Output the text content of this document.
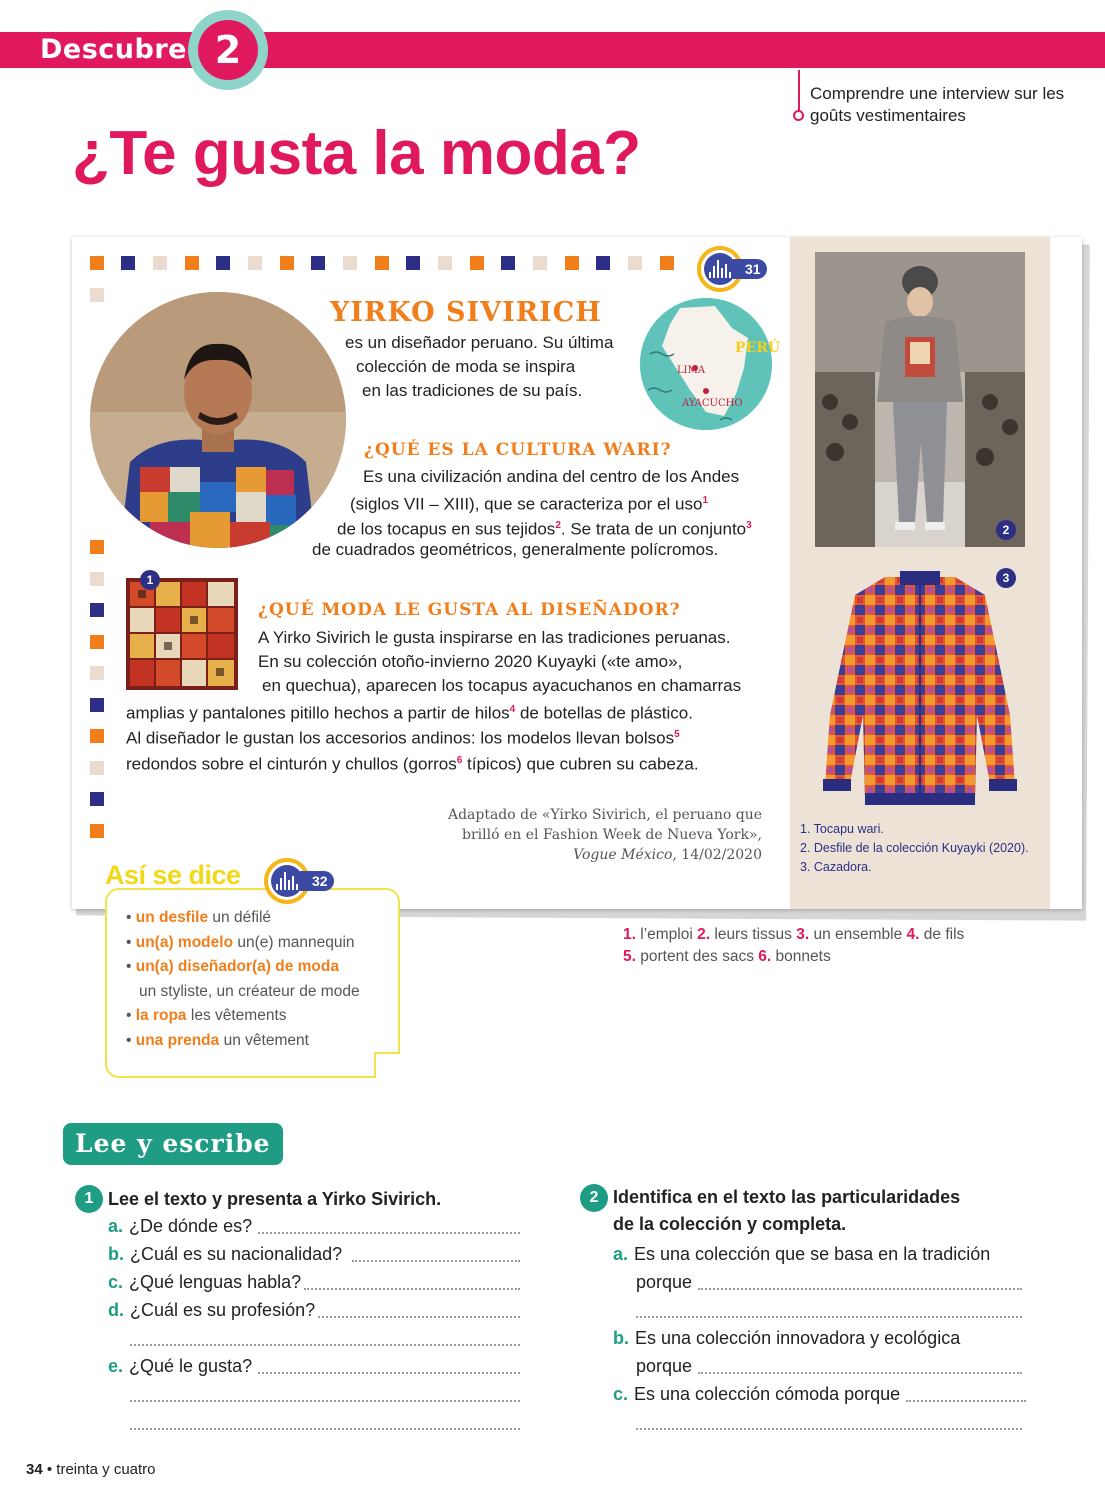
Descubre 2
Comprendre une interview sur les goûts vestimentaires
¿Te gusta la moda?
31
YIRKO SIVIRICH
es un diseñador peruano. Su última
colección de moda se inspira
en las tradiciones de su país.
PERÚ
LIMA
AYACUCHO
¿QUÉ ES LA CULTURA WARI?
Es una civilización andina del centro de los Andes
(siglos VII – XIII), que se caracteriza por el uso$^1$
de los tocapus en sus tejidos$^2$. Se trata de un conjunto$^3$
de cuadrados geométricos, generalmente polícromos.
1
¿QUÉ MODA LE GUSTA AL DISEÑADOR?
A Yirko Sivirich le gusta inspirarse en las tradiciones peruanas.
En su colección otoño-invierno 2020 Kuyayki («te amo»,
en quechua), aparecen los tocapus ayacuchanos en chamarras
amplias y pantalones pitillo hechos a partir de hilos$^4$ de botellas de plástico.
Al diseñador le gustan los accesorios andinos: los modelos llevan bolsos$^5$
redondos sobre el cinturón y chullos (gorros$^6$ típicos) que cubren su cabeza.
Adaptado de «Yirko Sivirich, el peruano que
brilló en el Fashion Week de Nueva York»,
Vogue México, 14/02/2020
2
3
1. Tocapu wari.
2. Desfile de la colección Kuyayki (2020).
3. Cazadora.
Así se dice	32
• un desfile un défilé
• un(a) modelo un(e) mannequin
• un(a) diseñador(a) de moda
un styliste, un créateur de mode
• la ropa les vêtements
• una prenda un vêtement
1. l’emploi 2. leurs tissus 3. un ensemble 4. de fils
5. portent des sacs 6. bonnets
Lee y escribe
1 Lee el texto y presenta a Yirko Sivirich.
a. ¿De dónde es?
b. ¿Cuál es su nacionalidad?
c. ¿Qué lenguas habla?
d. ¿Cuál es su profesión?
e. ¿Qué le gusta?
2 Identifica en el texto las particularidades
de la colección y completa.
a. Es una colección que se basa en la tradición
porque
b. Es una colección innovadora y ecológica
porque
c. Es una colección cómoda porque
34 • treinta y cuatro
